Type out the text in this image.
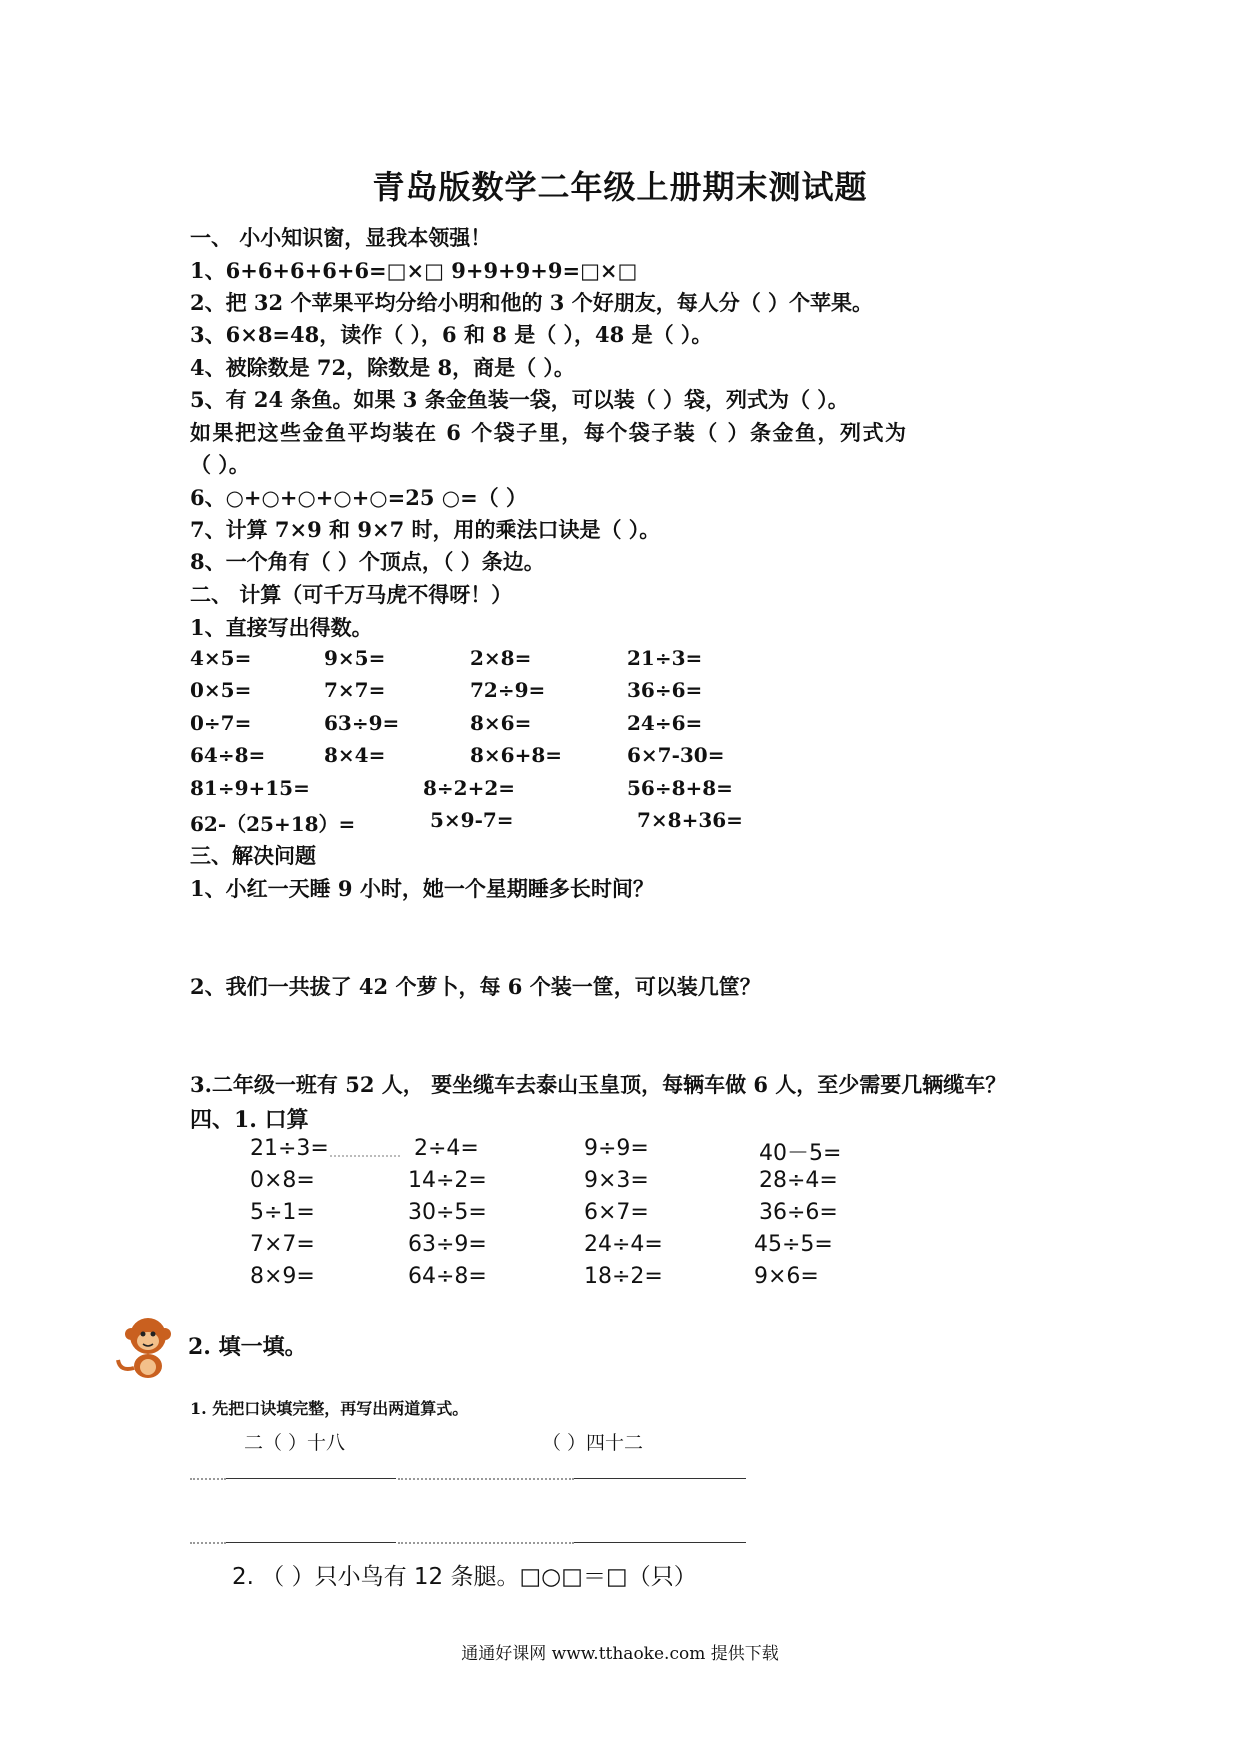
青岛版数学二年级上册期末测试题
一、 小小知识窗，显我本领强！
1、6+6+6+6+6=□×□ 9+9+9+9=□×□
2、把 32 个苹果平均分给小明和他的 3 个好朋友，每人分（ ）个苹果。
3、6×8=48，读作（ ），6 和 8 是（ ），48 是（ ）。
4、被除数是 72，除数是 8，商是（ ）。
5、有 24 条鱼。如果 3 条金鱼装一袋，可以装（ ）袋，列式为（ ）。
如果把这些金鱼平均装在 6 个袋子里，每个袋子装（ ）条金鱼，列式为
（ ）。
6、○+○+○+○+○=25 ○=（ ）
7、计算 7×9 和 9×7 时，用的乘法口诀是（ ）。
8、一个角有（ ）个顶点，（ ）条边。
二、 计算（可千万马虎不得呀！）
1、直接写出得数。
4×5=	9×5=	2×8=	21÷3=
0×5=	7×7=	72÷9=	36÷6=
0÷7=	63÷9=	8×6=	24÷6=
64÷8=	8×4=	8×6+8=	6×7-30=
81÷9+15=	8÷2+2=	56÷8+8=
62-（25+18）=	5×9-7=	7×8+36=
三、解决问题
1、小红一天睡 9 小时，她一个星期睡多长时间？
2、我们一共拔了 42 个萝卜，每 6 个装一筐，可以装几筐？
3.二年级一班有 52 人， 要坐缆车去泰山玉皇顶，每辆车做 6 人，至少需要几辆缆车？
四、1. 口算
21÷3=	2÷4=	9÷9=	40－5=
0×8=	14÷2=	9×3=	28÷4=
5÷1=	30÷5=	6×7=	36÷6=
7×7=	63÷9=	24÷4=	45÷5=
8×9=	64÷8=	18÷2=	9×6=
2. 填一填。
1. 先把口诀填完整，再写出两道算式。
二（ ）十八	（ ）四十二
2. （ ）只小鸟有 12 条腿。□○□＝□（只）
通通好课网 www.tthaoke.com 提供下载
